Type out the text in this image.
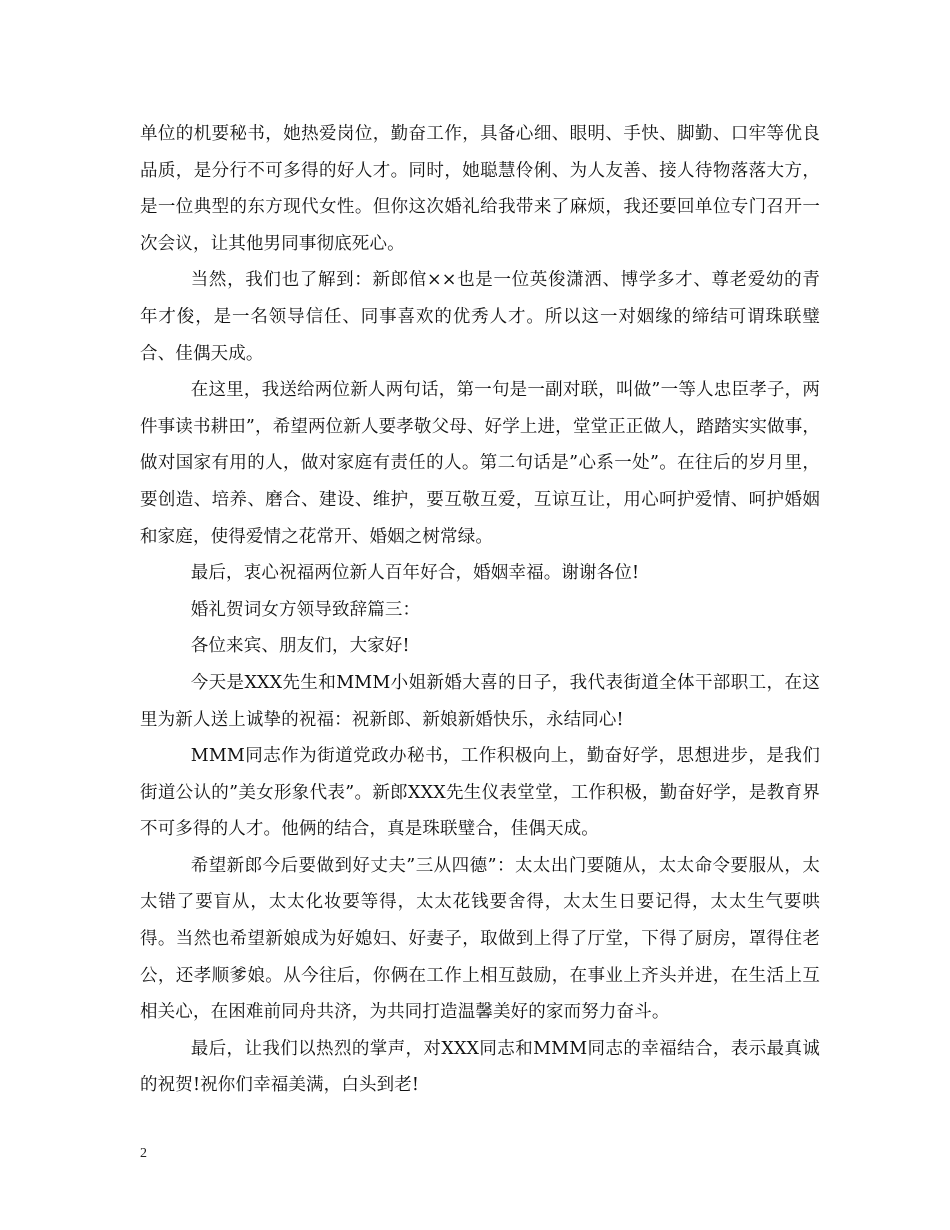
单位的机要秘书，她热爱岗位，勤奋工作，具备心细、眼明、手快、脚勤、口牢等优良品质，是分行不可多得的好人才。同时，她聪慧伶俐、为人友善、接人待物落落大方，是一位典型的东方现代女性。但你这次婚礼给我带来了麻烦，我还要回单位专门召开一次会议，让其他男同事彻底死心。

当然，我们也了解到：新郎倌××也是一位英俊潇洒、博学多才、尊老爱幼的青年才俊，是一名领导信任、同事喜欢的优秀人才。所以这一对姻缘的缔结可谓珠联璧合、佳偶天成。

在这里，我送给两位新人两句话，第一句是一副对联，叫做”一等人忠臣孝子，两件事读书耕田”，希望两位新人要孝敬父母、好学上进，堂堂正正做人，踏踏实实做事，做对国家有用的人，做对家庭有责任的人。第二句话是”心系一处”。在往后的岁月里，要创造、培养、磨合、建设、维护，要互敬互爱，互谅互让，用心呵护爱情、呵护婚姻和家庭，使得爱情之花常开、婚姻之树常绿。

最后，衷心祝福两位新人百年好合，婚姻幸福。谢谢各位!

婚礼贺词女方领导致辞篇三：

各位来宾、朋友们，大家好!

今天是XXX先生和MMM小姐新婚大喜的日子，我代表街道全体干部职工，在这里为新人送上诚挚的祝福：祝新郎、新娘新婚快乐，永结同心!

MMM同志作为街道党政办秘书，工作积极向上，勤奋好学，思想进步，是我们街道公认的”美女形象代表”。新郎XXX先生仪表堂堂，工作积极，勤奋好学，是教育界不可多得的人才。他俩的结合，真是珠联璧合，佳偶天成。

希望新郎今后要做到好丈夫”三从四德”：太太出门要随从，太太命令要服从，太太错了要盲从，太太化妆要等得，太太花钱要舍得，太太生日要记得，太太生气要哄得。当然也希望新娘成为好媳妇、好妻子，取做到上得了厅堂，下得了厨房，罩得住老公，还孝顺爹娘。从今往后，你俩在工作上相互鼓励，在事业上齐头并进，在生活上互相关心，在困难前同舟共济，为共同打造温馨美好的家而努力奋斗。

最后，让我们以热烈的掌声，对XXX同志和MMM同志的幸福结合，表示最真诚的祝贺!祝你们幸福美满，白头到老!

2
